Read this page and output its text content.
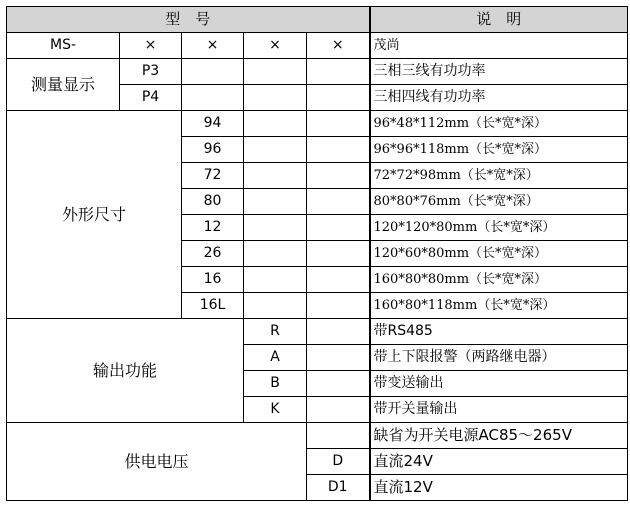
型　号					说　明
MS-	×	×	×	×	茂尚
测量显示	P3				三相三线有功功率
	P4				三相四线有功功率
外形尺寸		94			96*48*112mm（长*宽*深）
		96			96*96*118mm（长*宽*深）
		72			72*72*98mm（长*宽*深）
		80			80*80*76mm（长*宽*深）
		12			120*120*80mm（长*宽*深）
		26			120*60*80mm（长*宽*深）
		16			160*80*80mm（长*宽*深）
		16L			160*80*118mm（长*宽*深）
输出功能			R		带RS485
			A		带上下限报警（两路继电器）
			B		带变送输出
			K		带开关量输出
供电电压					缺省为开关电源AC85～265V
				D	直流24V
				D1	直流12V
